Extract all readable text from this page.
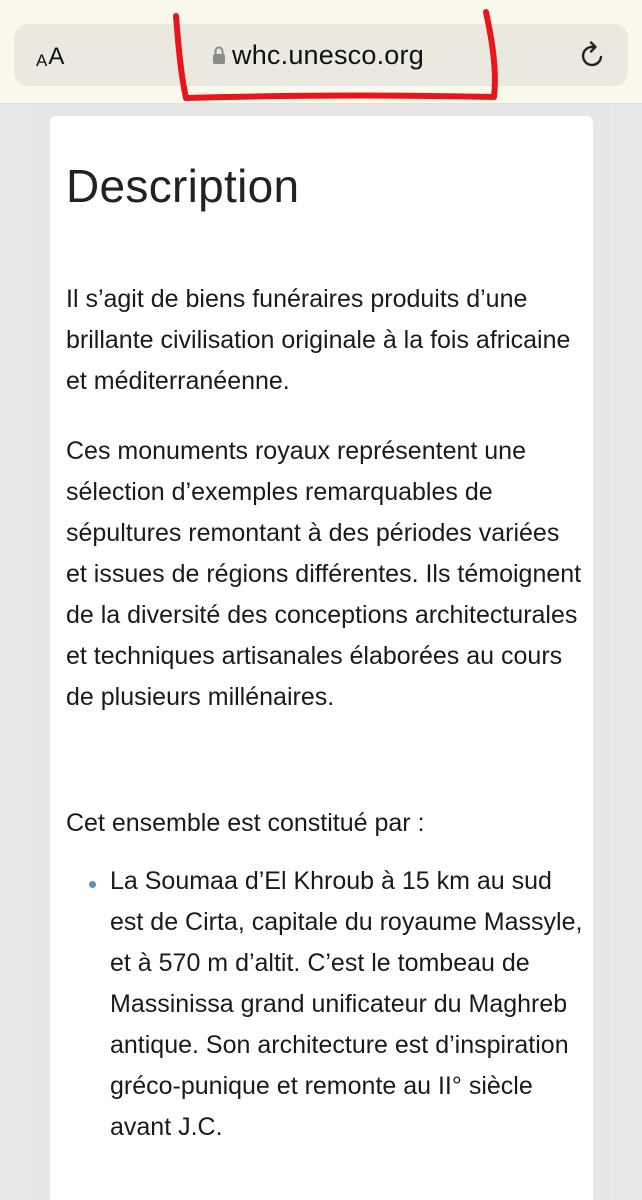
A A	whc.unesco.org
Description

Il s’agit de biens funéraires produits d’une brillante civilisation originale à la fois africaine et méditerranéenne.

Ces monuments royaux représentent une sélection d’exemples remarquables de sépultures remontant à des périodes variées et issues de régions différentes. Ils témoignent de la diversité des conceptions architecturales et techniques artisanales élaborées au cours de plusieurs millénaires.

Cet ensemble est constitué par :

La Soumaa d’El Khroub à 15 km au sud est de Cirta, capitale du royaume Massyle, et à 570 m d’altit. C’est le tombeau de Massinissa grand unificateur du Maghreb antique. Son architecture est d’inspiration gréco-punique et remonte au II° siècle avant J.C.
